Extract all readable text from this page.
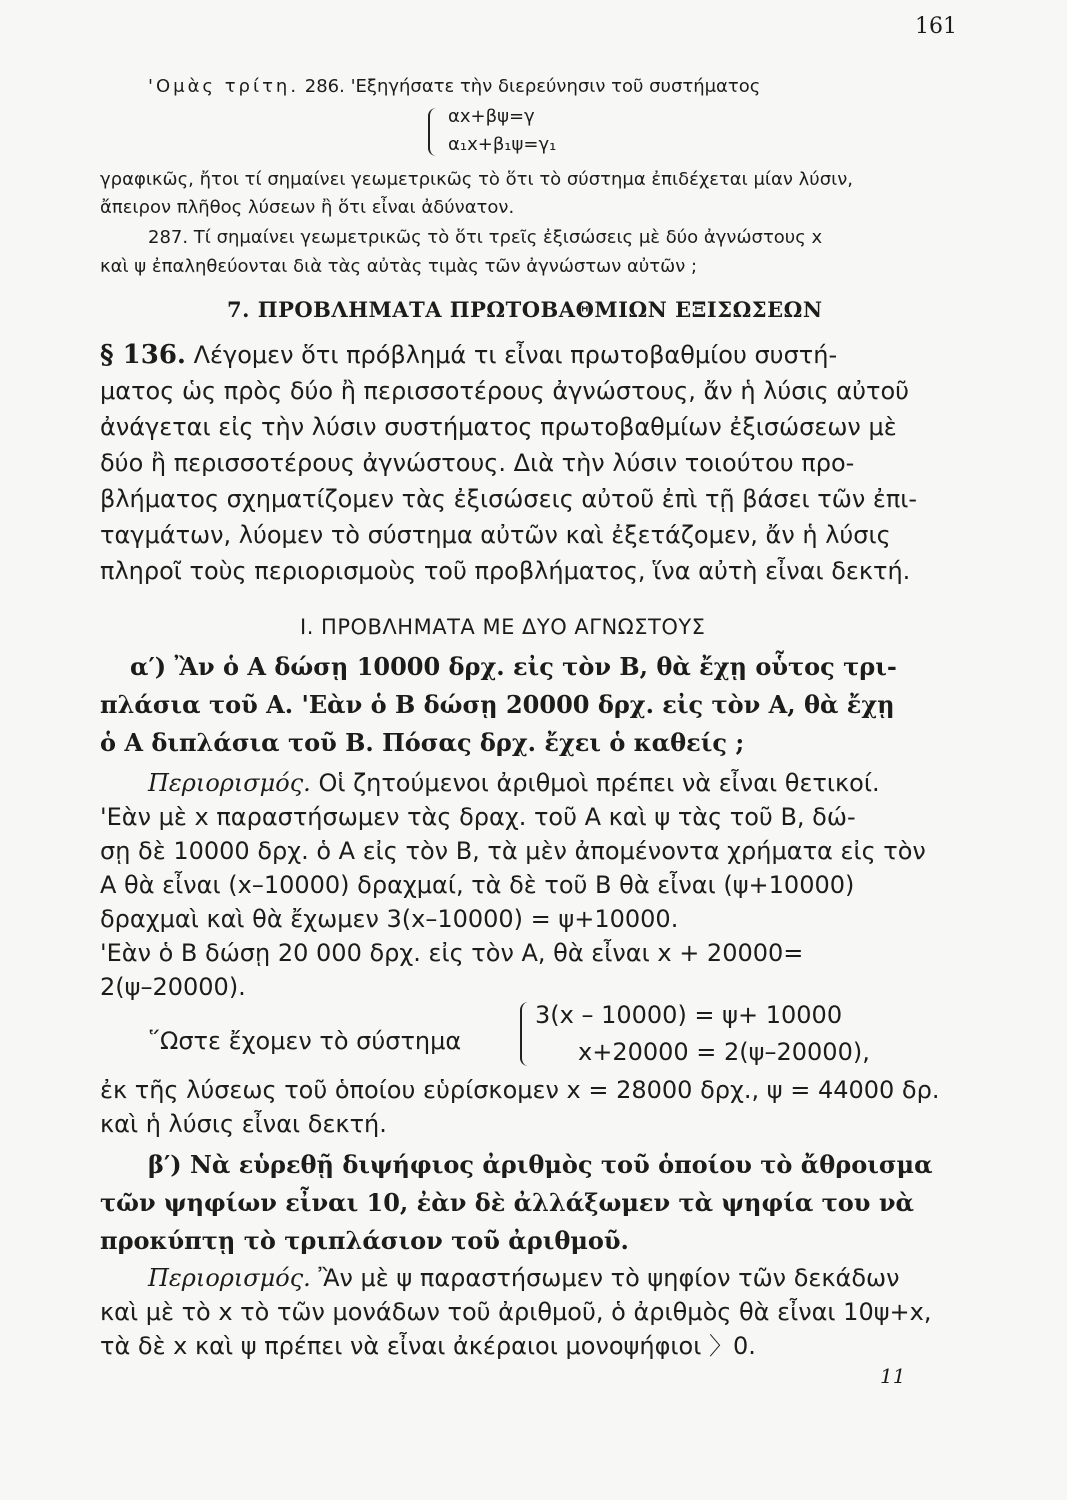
161
'Ομὰς τρίτη. 286. 'Εξηγήσατε τὴν διερεύνησιν τοῦ συστήματος
αx+βψ=γ
α₁x+β₁ψ=γ₁
γραφικῶς, ἤτοι τί σημαίνει γεωμετρικῶς τὸ ὅτι τὸ σύστημα ἐπιδέχεται μίαν λύσιν,
ἄπειρον πλῆθος λύσεων ἢ ὅτι εἶναι ἀδύνατον.
287. Τί σημαίνει γεωμετρικῶς τὸ ὅτι τρεῖς ἐξισώσεις μὲ δύο ἀγνώστους x
καὶ ψ ἐπαληθεύονται διὰ τὰς αὐτὰς τιμὰς τῶν ἀγνώστων αὐτῶν ;
7. ΠΡΟΒΛΗΜΑΤΑ ΠΡΩΤΟΒΑΘΜΙΩΝ ΕΞΙΣΩΣΕΩΝ
§ 136. Λέγομεν ὅτι πρόβλημά τι εἶναι πρωτοβαθμίου συστή-
ματος ὡς πρὸς δύο ἢ περισσοτέρους ἀγνώστους, ἄν ἡ λύσις αὐτοῦ
ἀνάγεται εἰς τὴν λύσιν συστήματος πρωτοβαθμίων ἐξισώσεων μὲ
δύο ἢ περισσοτέρους ἀγνώστους. Διὰ τὴν λύσιν τοιούτου προ-
βλήματος σχηματίζομεν τὰς ἐξισώσεις αὐτοῦ ἐπὶ τῇ βάσει τῶν ἐπι-
ταγμάτων, λύομεν τὸ σύστημα αὐτῶν καὶ ἐξετάζομεν, ἄν ἡ λύσις
πληροῖ τοὺς περιορισμοὺς τοῦ προβλήματος, ἵνα αὐτὴ εἶναι δεκτή.
Ι. ΠΡΟΒΛΗΜΑΤΑ ΜΕ ΔΥΟ ΑΓΝΩΣΤΟΥΣ
α′) Ἂν ὁ Α δώσῃ 10000 δρχ. εἰς τὸν Β, θὰ ἔχῃ οὗτος τρι-
πλάσια τοῦ Α. 'Εὰν ὁ Β δώσῃ 20000 δρχ. εἰς τὸν Α, θὰ ἔχῃ
ὁ Α διπλάσια τοῦ Β. Πόσας δρχ. ἔχει ὁ καθείς ;
Περιορισμός. Οἱ ζητούμενοι ἀριθμοὶ πρέπει νὰ εἶναι θετικοί.
'Εὰν μὲ x παραστήσωμεν τὰς δραχ. τοῦ Α καὶ ψ τὰς τοῦ Β, δώ-
σῃ δὲ 10000 δρχ. ὁ Α εἰς τὸν Β, τὰ μὲν ἀπομένοντα χρήματα εἰς τὸν
Α θὰ εἶναι (x–10000) δραχμαί, τὰ δὲ τοῦ Β θὰ εἶναι (ψ+10000)
δραχμαὶ καὶ θὰ ἔχωμεν 3(x–10000) = ψ+10000.
'Εὰν ὁ Β δώσῃ 20 000 δρχ. εἰς τὸν Α, θὰ εἶναι x + 20000=
2(ψ–20000).
῞Ωστε ἔχομεν τὸ σύστημα
3(x – 10000) = ψ+ 10000
x+20000 = 2(ψ–20000),
ἐκ τῆς λύσεως τοῦ ὁποίου εὑρίσκομεν x = 28000 δρχ., ψ = 44000 δρ.
καὶ ἡ λύσις εἶναι δεκτή.
β′) Νὰ εὑρεθῇ διψήφιος ἀριθμὸς τοῦ ὁποίου τὸ ἄθροισμα
τῶν ψηφίων εἶναι 10, ἐὰν δὲ ἀλλάξωμεν τὰ ψηφία του νὰ
προκύπτῃ τὸ τριπλάσιον τοῦ ἀριθμοῦ.
Περιορισμός. Ἂν μὲ ψ παραστήσωμεν τὸ ψηφίον τῶν δεκάδων
καὶ μὲ τὸ x τὸ τῶν μονάδων τοῦ ἀριθμοῦ, ὁ ἀριθμὸς θὰ εἶναι 10ψ+x,
τὰ δὲ x καὶ ψ πρέπει νὰ εἶναι ἀκέραιοι μονοψήφιοι 〉0.
11
